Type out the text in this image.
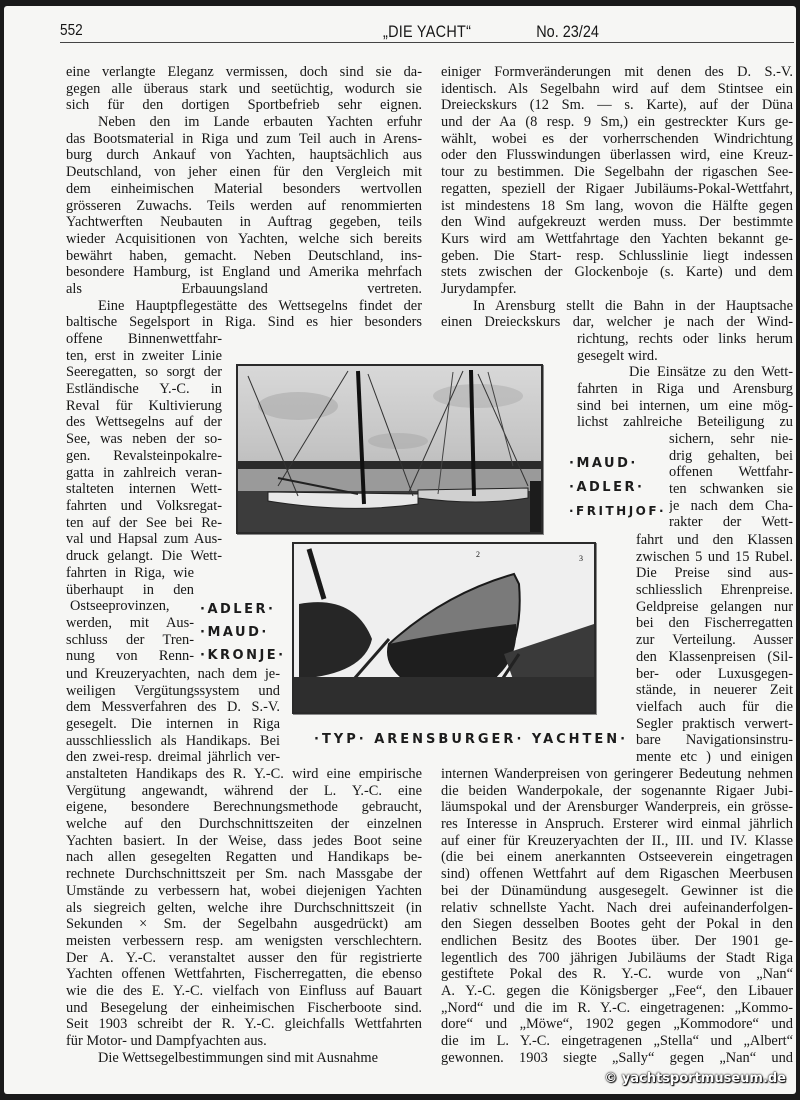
552	„DIE YACHT“	No. 23/24
eine verlangte Eleganz vermissen, doch sind sie da-
gegen alle überaus stark und seetüchtig, wodurch sie
sich für den dortigen Sportbefrieb sehr eignen.
Neben den im Lande erbauten Yachten erfuhr
das Bootsmaterial in Riga und zum Teil auch in Arens-
burg durch Ankauf von Yachten, hauptsächlich aus
Deutschland, von jeher einen für den Vergleich mit
dem einheimischen Material besonders wertvollen
grösseren Zuwachs. Teils werden auf renommierten
Yachtwerften Neubauten in Auftrag gegeben, teils
wieder Acquisitionen von Yachten, welche sich bereits
bewährt haben, gemacht. Neben Deutschland, ins-
besondere Hamburg, ist England und Amerika mehrfach
als Erbauungsland vertreten.
Eine Hauptpflegestätte des Wettsegelns findet der
baltische Segelsport in Riga. Sind es hier besonders
offene Binnenwettfahr-
ten, erst in zweiter Linie
Seeregatten, so sorgt der
Estländische Y.-C. in
Reval für Kultivierung
des Wettsegelns auf der
See, was neben der so-
gen. Revalsteinpokalre-
gatta in zahlreich veran-
stalteten internen Wett-
fahrten und Volksregat-
ten auf der See bei Re-
val und Hapsal zum Aus-
druck gelangt. Die Wett-
fahrten in Riga, wie
überhaupt in den
Ostseeprovinzen,
werden, mit Aus-
schluss der Tren-
nung von Renn-
und Kreuzeryachten, nach dem je-
weiligen Vergütungssystem und
dem Messverfahren des D. S.-V.
gesegelt. Die internen in Riga
ausschliesslich als Handikaps. Bei
den zwei-resp. dreimal jährlich ver-
anstalteten Handikaps des R. Y.-C. wird eine empirische
Vergütung angewandt, während der L. Y.-C. eine
eigene, besondere Berechnungsmethode gebraucht,
welche auf den Durchschnittszeiten der einzelnen
Yachten basiert. In der Weise, dass jedes Boot seine
nach allen gesegelten Regatten und Handikaps be-
rechnete Durchschnittszeit per Sm. nach Massgabe der
Umstände zu verbessern hat, wobei diejenigen Yachten
als siegreich gelten, welche ihre Durchschnittszeit (in
Sekunden × Sm. der Segelbahn ausgedrückt) am
meisten verbessern resp. am wenigsten verschlechtern.
Der A. Y.-C. veranstaltet ausser den für registrierte
Yachten offenen Wettfahrten, Fischerregatten, die ebenso
wie die des E. Y.-C. vielfach von Einfluss auf Bauart
und Besegelung der einheimischen Fischerboote sind.
Seit 1903 schreibt der R. Y.-C. gleichfalls Wettfahrten
für Motor- und Dampfyachten aus.
Die Wettsegelbestimmungen sind mit Ausnahme
einiger Formveränderungen mit denen des D. S.-V.
identisch. Als Segelbahn wird auf dem Stintsee ein
Dreieckskurs (12 Sm. — s. Karte), auf der Düna
und der Aa (8 resp. 9 Sm,) ein gestreckter Kurs ge-
wählt, wobei es der vorherrschenden Windrichtung
oder den Flusswindungen überlassen wird, eine Kreuz-
tour zu bestimmen. Die Segelbahn der rigaschen See-
regatten, speziell der Rigaer Jubiläums-Pokal-Wettfahrt,
ist mindestens 18 Sm lang, wovon die Hälfte gegen
den Wind aufgekreuzt werden muss. Der bestimmte
Kurs wird am Wettfahrtage den Yachten bekannt ge-
geben. Die Start- resp. Schlusslinie liegt indessen
stets zwischen der Glockenboje (s. Karte) und dem
Jurydampfer.
In Arensburg stellt die Bahn in der Hauptsache
einen Dreieckskurs dar, welcher je nach der Wind-
richtung, rechts oder links herum
gesegelt wird.
Die Einsätze zu den Wett-
fahrten in Riga und Arensburg
sind bei internen, um eine mög-
lichst zahlreiche Beteiligung zu
sichern, sehr nie-
drig gehalten, bei
offenen Wettfahr-
ten schwanken sie
je nach dem Cha-
rakter der Wett-
fahrt und den Klassen
zwischen 5 und 15 Rubel.
Die Preise sind aus-
schliesslich Ehrenpreise.
Geldpreise gelangen nur
bei den Fischerregatten
zur Verteilung. Ausser
den Klassenpreisen (Sil-
ber- oder Luxusgegen-
stände, in neuerer Zeit
vielfach auch für die
Segler praktisch verwert-
bare Navigationsinstru-
mente etc ) und einigen
internen Wanderpreisen von geringerer Bedeutung nehmen
die beiden Wanderpokale, der sogenannte Rigaer Jubi-
läumspokal und der Arensburger Wanderpreis, ein grösse-
res Interesse in Anspruch. Ersterer wird einmal jährlich
auf einer für Kreuzeryachten der II., III. und IV. Klasse
(die bei einem anerkannten Ostseeverein eingetragen
sind) offenen Wettfahrt auf dem Rigaschen Meerbusen
bei der Dünamündung ausgesegelt. Gewinner ist die
relativ schnellste Yacht. Nach drei aufeinanderfolgen-
den Siegen desselben Bootes geht der Pokal in den
endlichen Besitz des Bootes über. Der 1901 ge-
legentlich des 700 jährigen Jubiläums der Stadt Riga
gestiftete Pokal des R. Y.-C. wurde von „Nan“
A. Y.-C. gegen die Königsberger „Fee“, den Libauer
„Nord“ und die im R. Y.-C. eingetragenen: „Kommo-
dore“ und „Möwe“, 1902 gegen „Kommodore“ und
die im L. Y.-C. eingetragenen „Stella“ und „Albert“
gewonnen. 1903 siegte „Sally“ gegen „Nan“ und
2	3
·MAUD·
·ADLER·
·FRITHJOF·
·ADLER·
·MAUD·
·KRONJE·
·TYP· ARENSBURGER· YACHTEN·
© yachtsportmuseum.de
